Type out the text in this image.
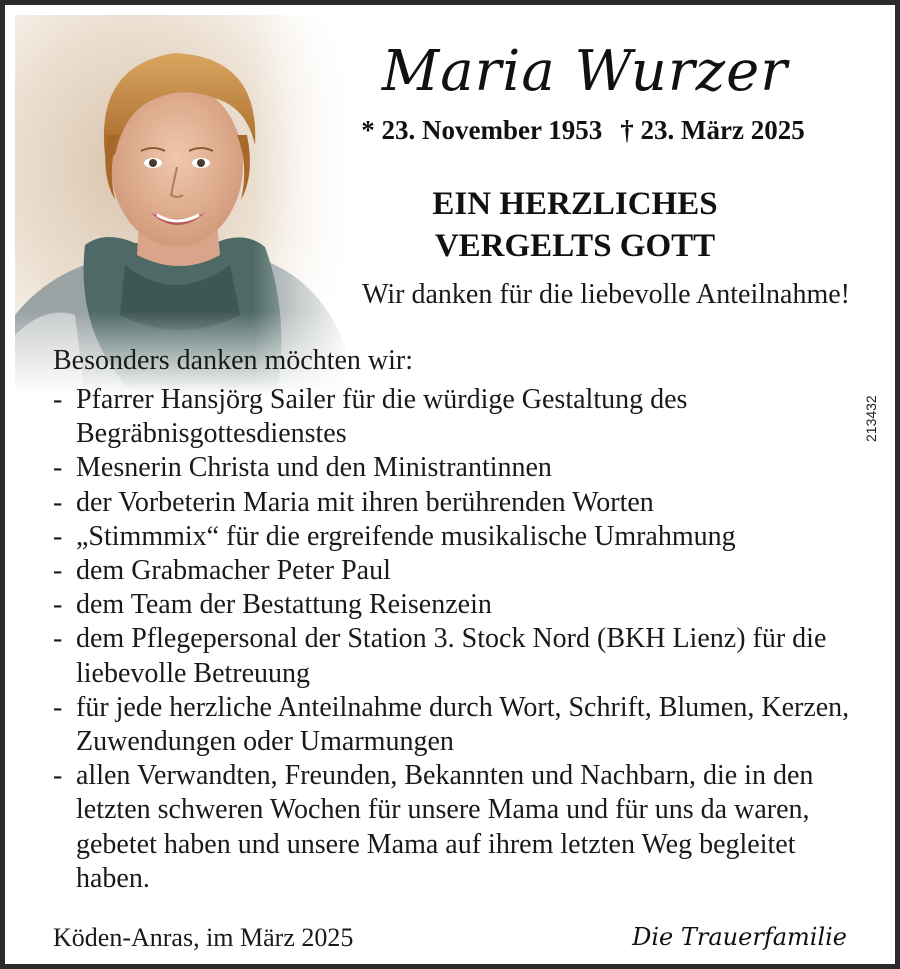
Maria Wurzer
* 23. November 1953 † 23. März 2025
EIN HERZLICHES
VERGELTS GOTT
Wir danken für die liebevolle Anteilnahme!
Besonders danken möchten wir:
- Pfarrer Hansjörg Sailer für die würdige Gestaltung des Begräbnisgottesdienstes
- Mesnerin Christa und den Ministrantinnen
- der Vorbeterin Maria mit ihren berührenden Worten
- „Stimmmix“ für die ergreifende musikalische Umrahmung
- dem Grabmacher Peter Paul
- dem Team der Bestattung Reisenzein
- dem Pflegepersonal der Station 3. Stock Nord (BKH Lienz) für die liebevolle Betreuung
- für jede herzliche Anteilnahme durch Wort, Schrift, Blumen, Kerzen, Zuwendungen oder Umarmungen
- allen Verwandten, Freunden, Bekannten und Nachbarn, die in den letzten schweren Wochen für unsere Mama und für uns da waren, gebetet haben und unsere Mama auf ihrem letzten Weg begleitet haben.
213432
Köden-Anras, im März 2025	Die Trauerfamilie
